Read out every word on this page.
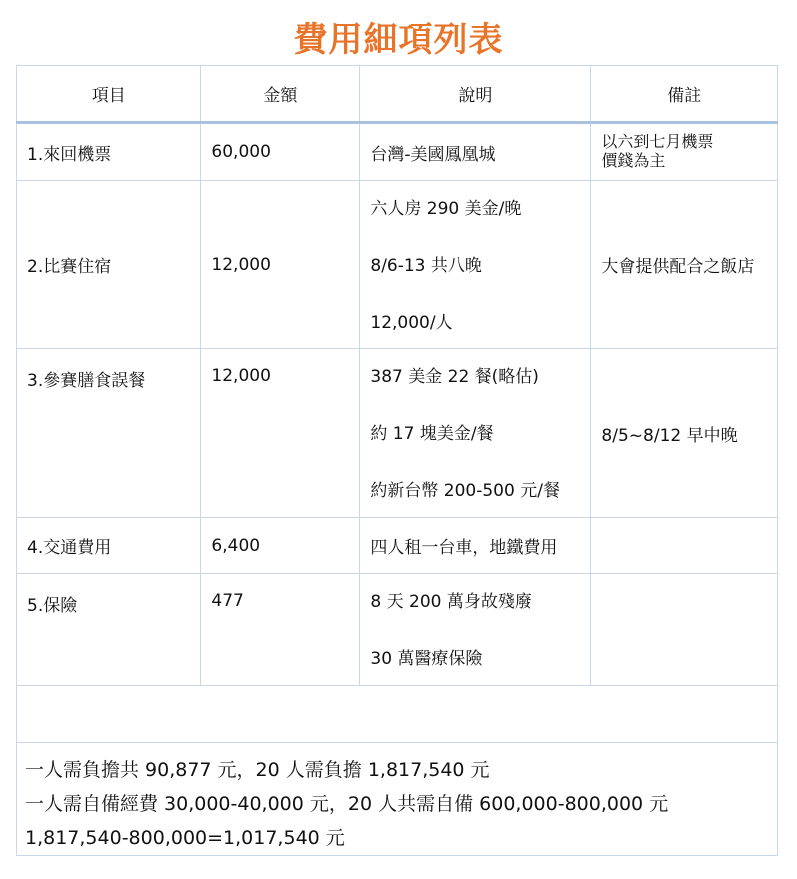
費用細項列表
項目	金額	說明	備註
1.來回機票	60,000	台灣-美國鳳凰城	以六到七月機票
價錢為主

2.比賽住宿	12,000	六人房 290 美金/晚
8/6-13 共八晚
12,000/人	大會提供配合之飯店
3.參賽膳食誤餐	12,000	387 美金 22 餐(略估)
約 17 塊美金/餐
約新台幣 200-500 元/餐	8/5~8/12 早中晚
4.交通費用	6,400	四人租一台車，地鐵費用	
5.保險	477	8 天 200 萬身故殘廢
30 萬醫療保險	

一人需負擔共 90,877 元，20 人需負擔 1,817,540 元
一人需自備經費 30,000-40,000 元，20 人共需自備 600,000-800,000 元
1,817,540-800,000=1,017,540 元			
